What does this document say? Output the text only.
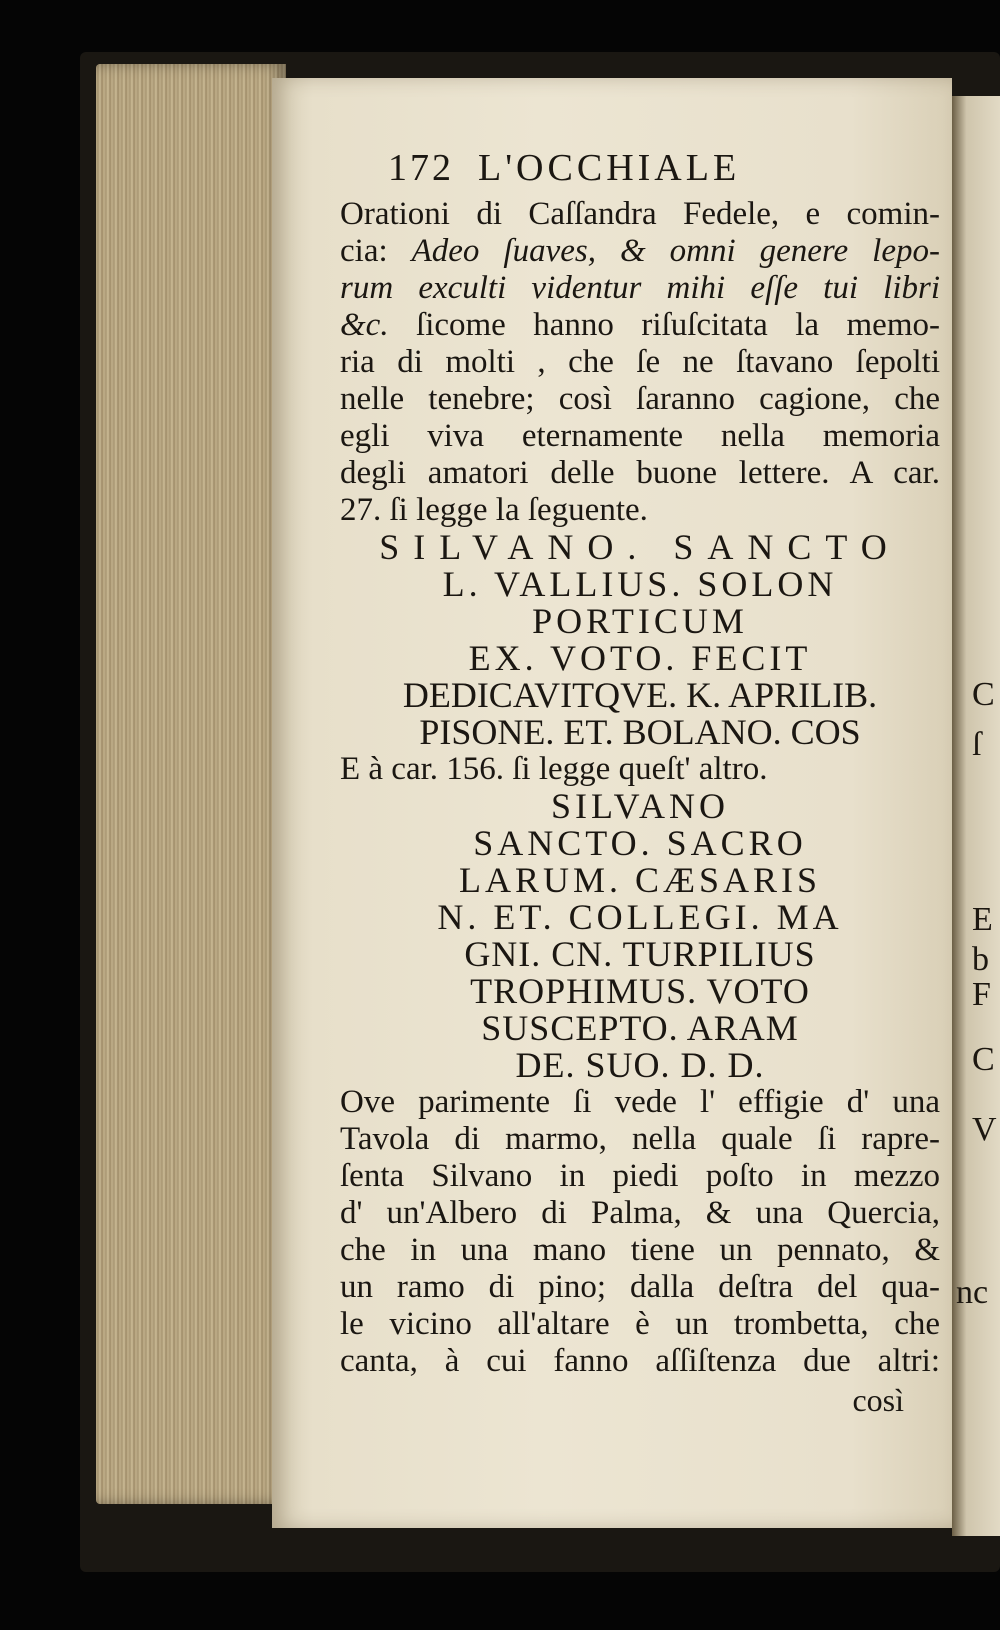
C
ſ
E
b
F
C
V
nc
172 L'OCCHIALE
Orationi di Caſſandra Fedele, e comin-
cia: Adeo ſuaves, & omni genere lepo-
rum exculti videntur mihi eſſe tui libri
&c. ſicome hanno riſuſcitata la memo-
ria di molti , che ſe ne ſtavano ſepolti
nelle tenebre; così ſaranno cagione, che
egli viva eternamente nella memoria
degli amatori delle buone lettere. A car.
27. ſi legge la ſeguente.
SILVANO. SANCTO
L. VALLIUS. SOLON
PORTICUM
EX. VOTO. FECIT
DEDICAVITQVE. K. APRILIB.
PISONE. ET. BOLANO. COS
E à car. 156. ſi legge queſt' altro.
SILVANO
SANCTO. SACRO
LARUM. CÆSARIS
N. ET. COLLEGI. MA
GNI. CN. TURPILIUS
TROPHIMUS. VOTO
SUSCEPTO. ARAM
DE. SUO. D. D.
Ove parimente ſi vede l' effigie d' una
Tavola di marmo, nella quale ſi rapre-
ſenta Silvano in piedi poſto in mezzo
d' un'Albero di Palma, & una Quercia,
che in una mano tiene un pennato, &
un ramo di pino; dalla deſtra del qua-
le vicino all'altare è un trombetta, che
canta, à cui fanno aſſiſtenza due altri:
così
